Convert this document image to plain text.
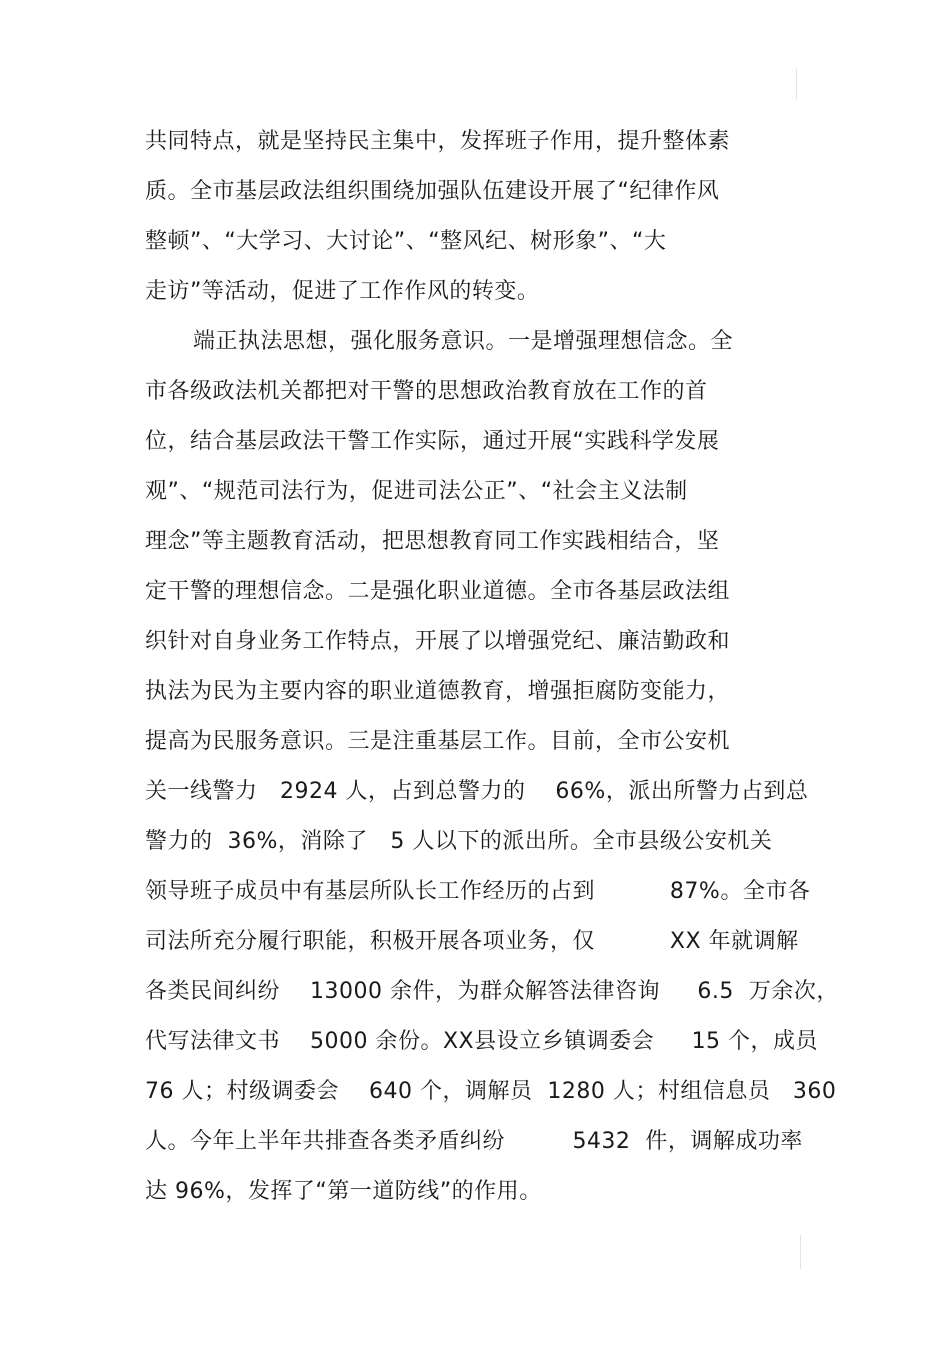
共同特点，就是坚持民主集中，发挥班子作用，提升整体素
质。全市基层政法组织围绕加强队伍建设开展了“纪律作风
整顿”、“大学习、大讨论”、“整风纪、树形象”、“大
走访”等活动，促进了工作作风的转变。
端正执法思想，强化服务意识。一是增强理想信念。全
市各级政法机关都把对干警的思想政治教育放在工作的首
位，结合基层政法干警工作实际，通过开展“实践科学发展
观”、“规范司法行为，促进司法公正”、“社会主义法制
理念”等主题教育活动，把思想教育同工作实践相结合，坚
定干警的理想信念。二是强化职业道德。全市各基层政法组
织针对自身业务工作特点，开展了以增强党纪、廉洁勤政和
执法为民为主要内容的职业道德教育，增强拒腐防变能力，
提高为民服务意识。三是注重基层工作。目前，全市公安机
关一线警力   2924 人，占到总警力的    66%，派出所警力占到总
警力的  36%，消除了   5 人以下的派出所。全市县级公安机关
领导班子成员中有基层所队长工作经历的占到          87%。全市各
司法所充分履行职能，积极开展各项业务，仅          XX 年就调解
各类民间纠纷    13000 余件，为群众解答法律咨询     6.5  万余次，
代写法律文书    5000 余份。XX县设立乡镇调委会     15 个，成员
76 人；村级调委会    640 个，调解员  1280 人；村组信息员   360
人。今年上半年共排查各类矛盾纠纷         5432  件，调解成功率
达 96%，发挥了“第一道防线”的作用。
